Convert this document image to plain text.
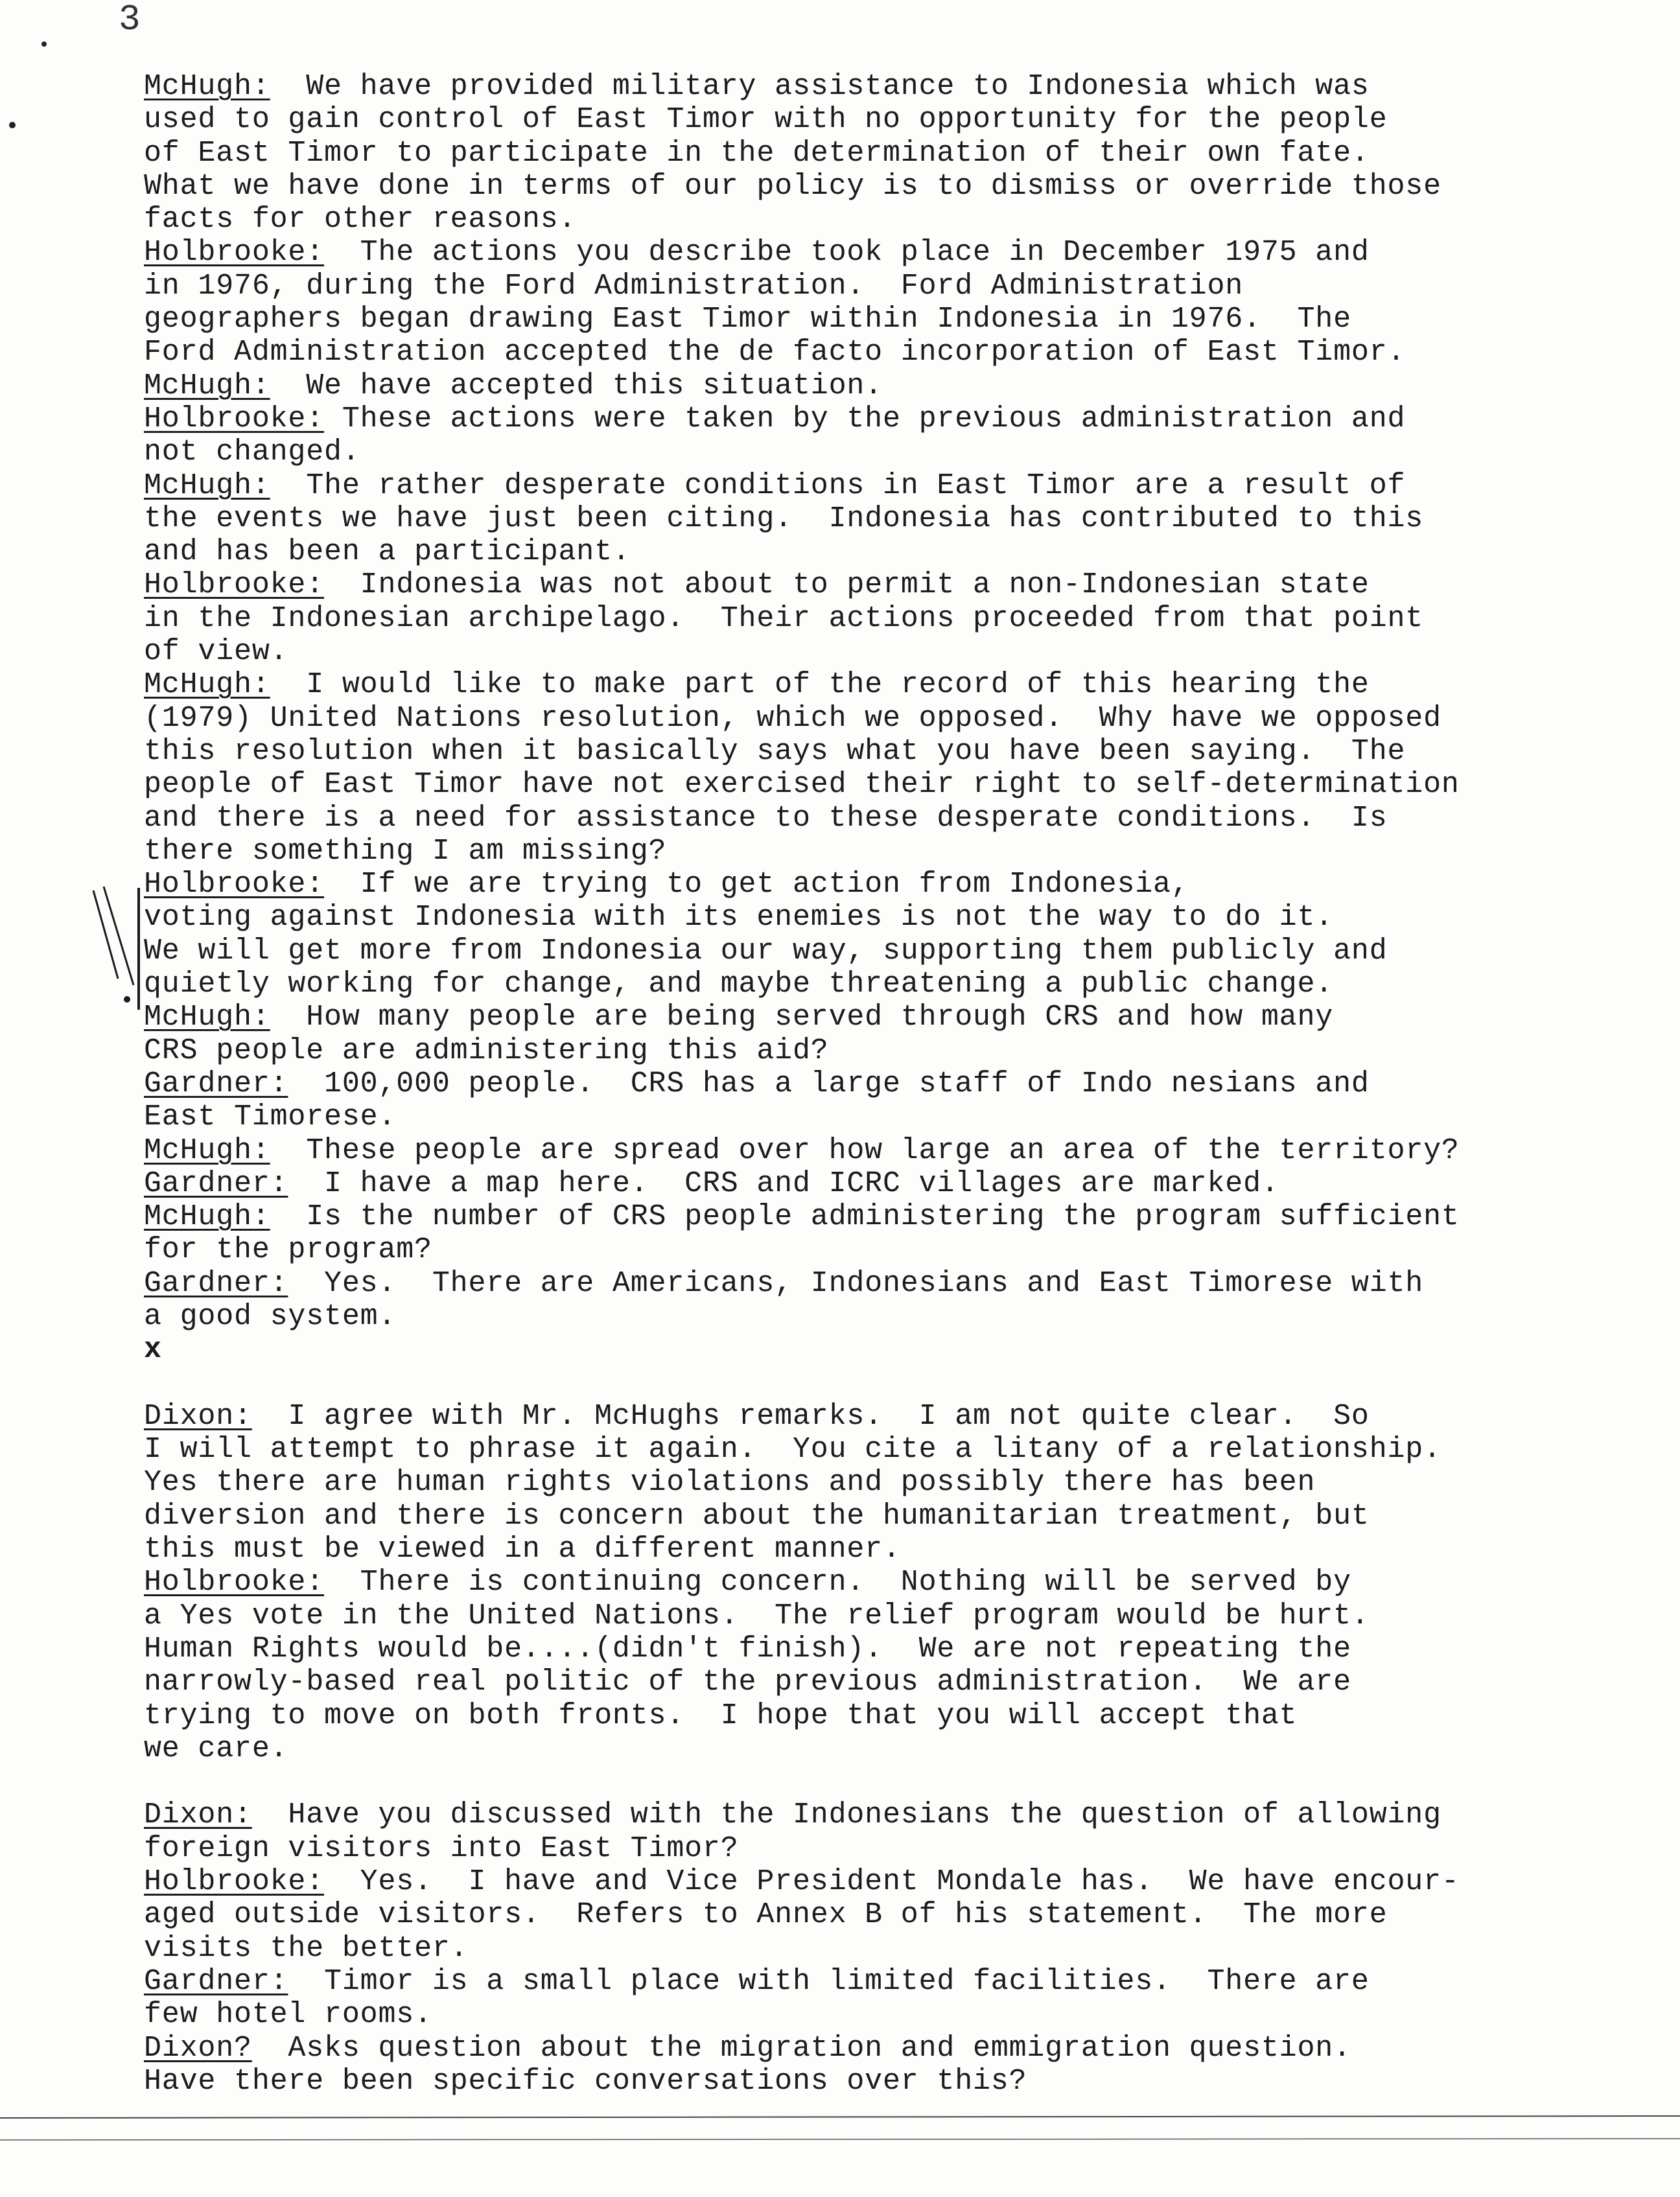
3
McHugh:  We have provided military assistance to Indonesia which was
used to gain control of East Timor with no opportunity for the people
of East Timor to participate in the determination of their own fate.
What we have done in terms of our policy is to dismiss or override those
facts for other reasons.
Holbrooke:  The actions you describe took place in December 1975 and
in 1976, during the Ford Administration.  Ford Administration
geographers began drawing East Timor within Indonesia in 1976.  The
Ford Administration accepted the de facto incorporation of East Timor.
McHugh:  We have accepted this situation.
Holbrooke: These actions were taken by the previous administration and
not changed.
McHugh:  The rather desperate conditions in East Timor are a result of
the events we have just been citing.  Indonesia has contributed to this
and has been a participant.
Holbrooke:  Indonesia was not about to permit a non-Indonesian state
in the Indonesian archipelago.  Their actions proceeded from that point
of view.
McHugh:  I would like to make part of the record of this hearing the
(1979) United Nations resolution, which we opposed.  Why have we opposed
this resolution when it basically says what you have been saying.  The
people of East Timor have not exercised their right to self-determination
and there is a need for assistance to these desperate conditions.  Is
there something I am missing?
Holbrooke:  If we are trying to get action from Indonesia,
voting against Indonesia with its enemies is not the way to do it.
We will get more from Indonesia our way, supporting them publicly and
quietly working for change, and maybe threatening a public change.
McHugh:  How many people are being served through CRS and how many
CRS people are administering this aid?
Gardner:  100,000 people.  CRS has a large staff of Indo nesians and
East Timorese.
McHugh:  These people are spread over how large an area of the territory?
Gardner:  I have a map here.  CRS and ICRC villages are marked.
McHugh:  Is the number of CRS people administering the program sufficient
for the program?
Gardner:  Yes.  There are Americans, Indonesians and East Timorese with
a good system.
x
Dixon:  I agree with Mr. McHughs remarks.  I am not quite clear.  So
I will attempt to phrase it again.  You cite a litany of a relationship.
Yes there are human rights violations and possibly there has been
diversion and there is concern about the humanitarian treatment, but
this must be viewed in a different manner.
Holbrooke:  There is continuing concern.  Nothing will be served by
a Yes vote in the United Nations.  The relief program would be hurt.
Human Rights would be....(didn't finish).  We are not repeating the
narrowly-based real politic of the previous administration.  We are
trying to move on both fronts.  I hope that you will accept that
we care.
Dixon:  Have you discussed with the Indonesians the question of allowing
foreign visitors into East Timor?
Holbrooke:  Yes.  I have and Vice President Mondale has.  We have encour-
aged outside visitors.  Refers to Annex B of his statement.  The more
visits the better.
Gardner:  Timor is a small place with limited facilities.  There are
few hotel rooms.
Dixon?  Asks question about the migration and emmigration question.
Have there been specific conversations over this?
